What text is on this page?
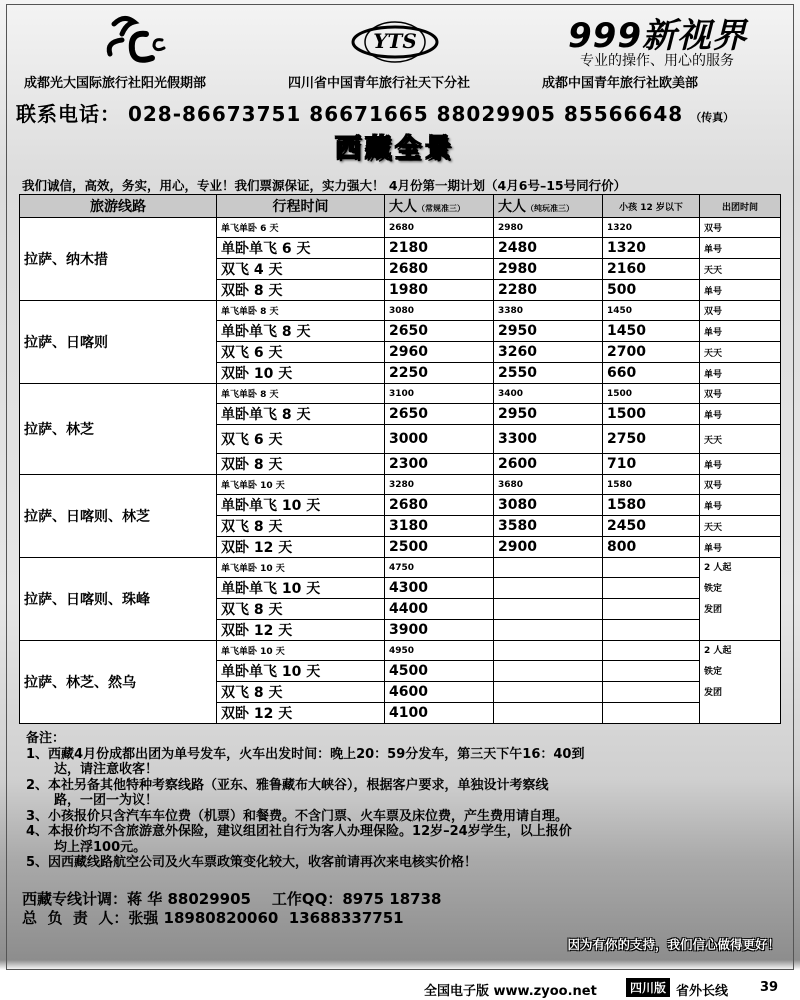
YTS	999新视界
专业的操作、用心的服务
成都光大国际旅行社阳光假期部	四川省中国青年旅行社天下分社	成都中国青年旅行社欧美部
联系电话： 028-86673751 86671665 88029905 85566648 （传真）
西藏全景
我们诚信，高效，务实，用心，专业！我们票源保证，实力强大！ 4月份第一期计划（4月6号–15号同行价）
旅游线路	行程时间	大人（常规准三）	大人（纯玩准三）	小孩 12 岁以下	出团时间
拉萨、纳木措	单飞单卧 6 天	2680	2980	1320	双号
	单卧单飞 6 天	2180	2480	1320	单号
	双飞 4 天	2680	2980	2160	天天
	双卧 8 天	1980	2280	500	单号
拉萨、日喀则	单飞单卧 8 天	3080	3380	1450	双号
	单卧单飞 8 天	2650	2950	1450	单号
	双飞 6 天	2960	3260	2700	天天
	双卧 10 天	2250	2550	660	单号
拉萨、林芝	单飞单卧 8 天	3100	3400	1500	双号
	单卧单飞 8 天	2650	2950	1500	单号
	双飞 6 天	3000	3300	2750	天天
	双卧 8 天	2300	2600	710	单号
拉萨、日喀则、林芝	单飞单卧 10 天	3280	3680	1580	双号
	单卧单飞 10 天	2680	3080	1580	单号
	双飞 8 天	3180	3580	2450	天天
	双卧 12 天	2500	2900	800	单号
拉萨、日喀则、珠峰	单飞单卧 10 天	4750			2 人起
铁定
发团

	单卧单飞 10 天	4300			
	双飞 8 天	4400			
	双卧 12 天	3900			
拉萨、林芝、然乌	单飞单卧 10 天	4950			2 人起
铁定
发团

	单卧单飞 10 天	4500			
	双飞 8 天	4600			
	双卧 12 天	4100			
备注：
1、西藏4月份成都出团为单号发车，火车出发时间：晚上20：59分发车，第三天下午16：40到
达，请注意收客！
2、本社另备其他特种考察线路（亚东、雅鲁藏布大峡谷），根据客户要求，单独设计考察线
路，一团一为议！
3、小孩报价只含汽车车位费（机票）和餐费。不含门票、火车票及床位费，产生费用请自理。
4、本报价均不含旅游意外保险，建议组团社自行为客人办理保险。12岁–24岁学生，以上报价
均上浮100元。
5、因西藏线路航空公司及火车票政策变化较大，收客前请再次来电核实价格！
西藏专线计调：蒋 华 88029905    工作QQ：8975 18738
总  负  责  人：张强 18980820060  13688337751
因为有你的支持，我们信心做得更好！
全国电子版 www.zyoo.net	四川版 省外长线 39
